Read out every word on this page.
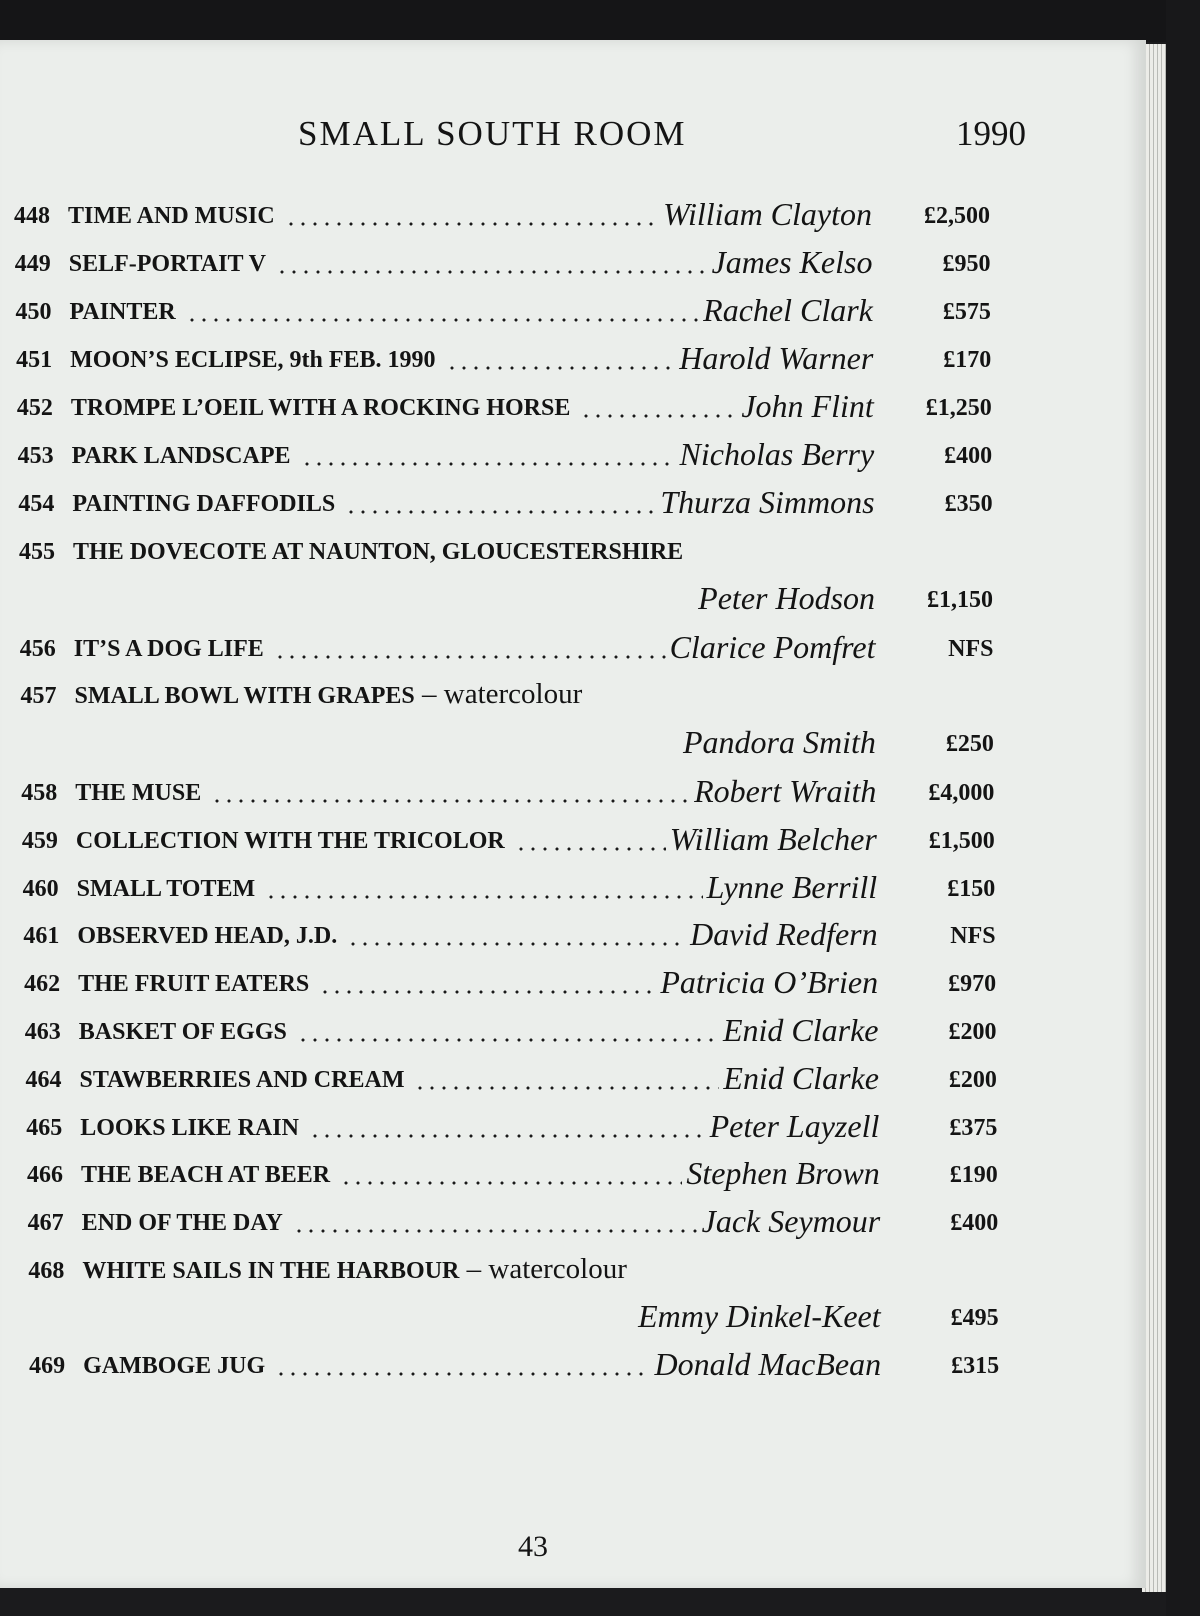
SMALL SOUTH ROOM	1990
448 TIME AND MUSIC	William Clayton	£2,500
449 SELF-PORTAIT V	James Kelso	£950
450 PAINTER	Rachel Clark	£575
451 MOON’S ECLIPSE, 9th FEB. 1990	Harold Warner	£170
452 TROMPE L’OEIL WITH A ROCKING HORSE	John Flint	£1,250
453 PARK LANDSCAPE	Nicholas Berry	£400
454 PAINTING DAFFODILS	Thurza Simmons	£350
455 THE DOVECOTE AT NAUNTON, GLOUCESTERSHIRE
Peter Hodson	£1,150
456 IT’S A DOG LIFE	Clarice Pomfret	NFS
457 SMALL BOWL WITH GRAPES – watercolour
Pandora Smith	£250
458 THE MUSE	Robert Wraith	£4,000
459 COLLECTION WITH THE TRICOLOR	William Belcher	£1,500
460 SMALL TOTEM	Lynne Berrill	£150
461 OBSERVED HEAD, J.D.	David Redfern	NFS
462 THE FRUIT EATERS	Patricia O’Brien	£970
463 BASKET OF EGGS	Enid Clarke	£200
464 STAWBERRIES AND CREAM	Enid Clarke	£200
465 LOOKS LIKE RAIN	Peter Layzell	£375
466 THE BEACH AT BEER	Stephen Brown	£190
467 END OF THE DAY	Jack Seymour	£400
468 WHITE SAILS IN THE HARBOUR – watercolour
Emmy Dinkel-Keet	£495
469 GAMBOGE JUG	Donald MacBean	£315
43
